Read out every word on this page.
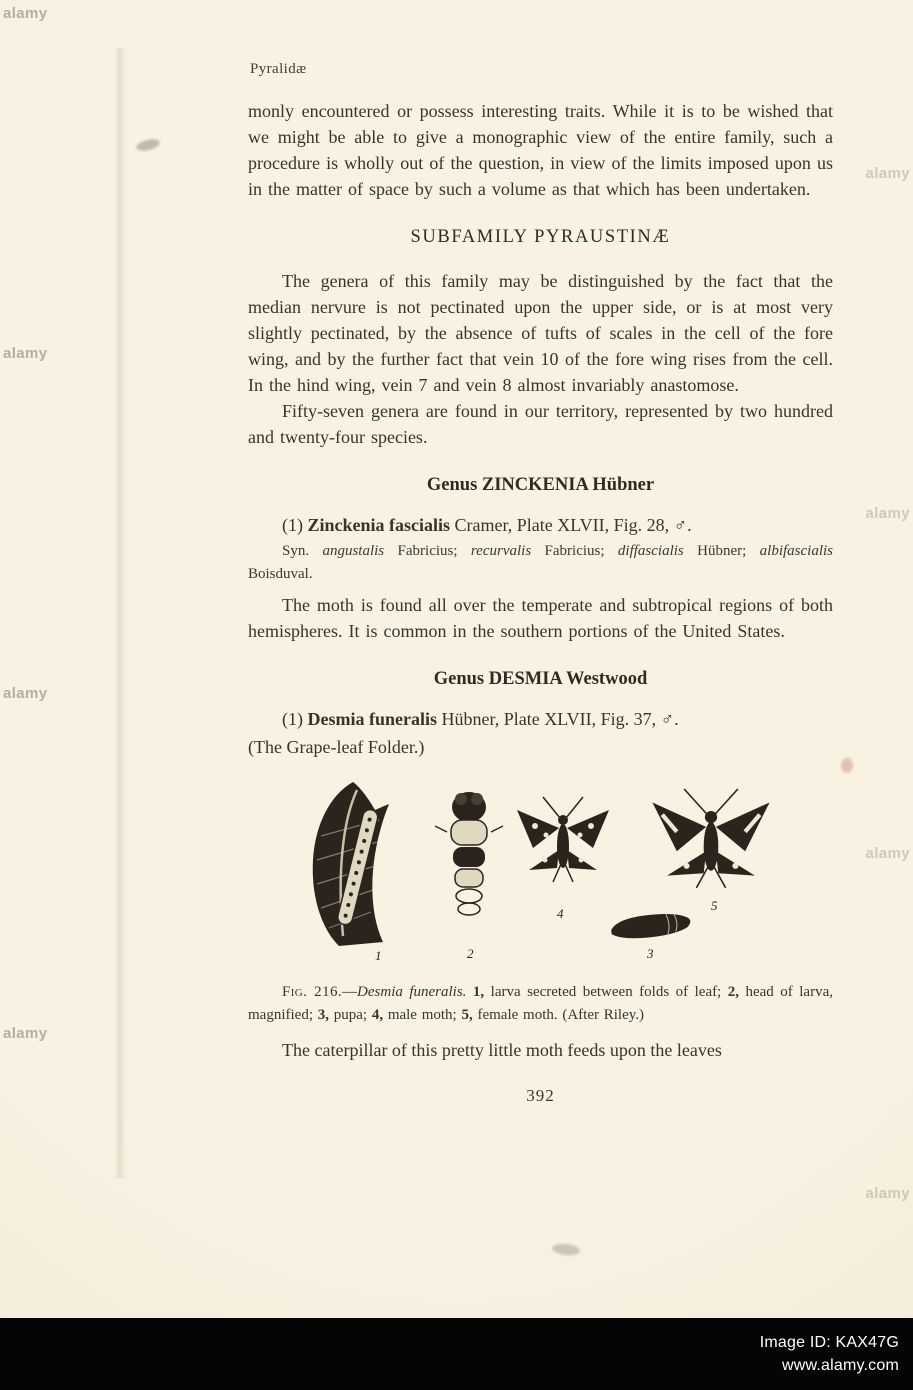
alamy
alamy
alamy
alamy
alamy
alamy
alamy
alamy
Pyralidæ

monly encountered or possess interesting traits. While it is to be wished that we might be able to give a monographic view of the entire family, such a procedure is wholly out of the question, in view of the limits imposed upon us in the matter of space by such a volume as that which has been undertaken.

SUBFAMILY PYRAUSTINÆ

The genera of this family may be distinguished by the fact that the median nervure is not pectinated upon the upper side, or is at most very slightly pectinated, by the absence of tufts of scales in the cell of the fore wing, and by the further fact that vein 10 of the fore wing rises from the cell. In the hind wing, vein 7 and vein 8 almost invariably anastomose.

Fifty-seven genera are found in our territory, represented by two hundred and twenty-four species.

Genus ZINCKENIA Hübner

(1) Zinckenia fascialis Cramer, Plate XLVII, Fig. 28, ♂.

Syn. angustalis Fabricius; recurvalis Fabricius; diffascialis Hübner; albifascialis Boisduval.

The moth is found all over the temperate and subtropical regions of both hemispheres. It is common in the southern portions of the United States.

Genus DESMIA Westwood

(1) Desmia funeralis Hübner, Plate XLVII, Fig. 37, ♂.

(The Grape-leaf Folder.)

1	2
4
3
5

Fig. 216.—Desmia funeralis. 1, larva secreted between folds of leaf; 2, head of larva, magnified; 3, pupa; 4, male moth; 5, female moth. (After Riley.)

The caterpillar of this pretty little moth feeds upon the leaves

392
Image ID: KAX47G
www.alamy.com
